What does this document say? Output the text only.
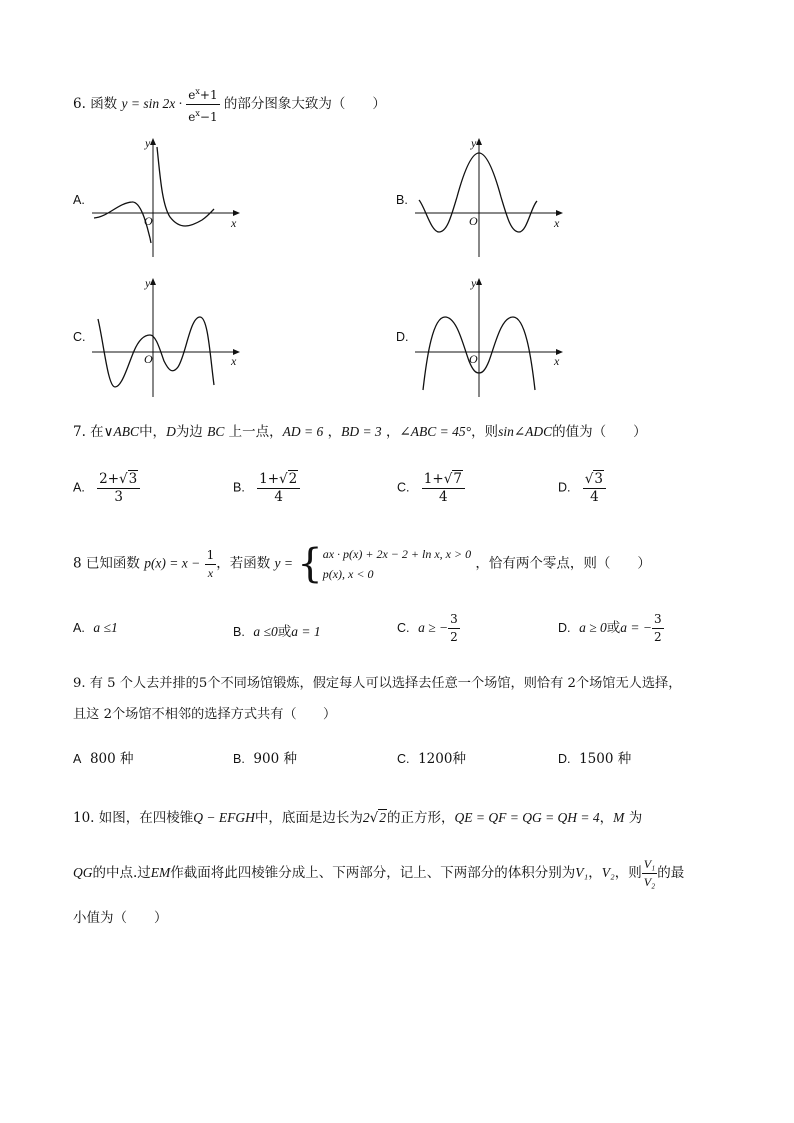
6. 函数 $y = \sin 2x \cdot \frac{e^x+1}{e^x-1}$ 的部分图象大致为（　　）
A.
y
x
O
B.
y
x
O
C.
y
x
O
D.
y
x
O
7. 在∨ABC中，D为边 BC 上一点，AD = 6 ，BD = 3 ，∠ABC = 45°，则sin∠ADC的值为（　　）
A. $\frac{2+√3}{3}$	B. $\frac{1+√2}{4}$	C. $\frac{1+√7}{4}$	D. $\frac{√3}{4}$
8 已知函数 $p(x) = x - \frac{1}{x}$ ，若函数 y = { ax · p(x) + 2x − 2 + ln x, x > 0
p(x), x < 0
，恰有两个零点，则（　　）
A. a ≤1	B. a ≤0或a = 1	C. a ≥ − $\frac{3}{2}$	D. a ≥ 0或a = − $\frac{3}{2}$
9. 有 5 个人去并排的5个不同场馆锻炼，假定每人可以选择去任意一个场馆，则恰有 2个场馆无人选择，
且这 2个场馆不相邻的选择方式共有（　　）
A 800 种	B. 900 种	C. 1200种	D. 1500 种
10. 如图，在四棱锥Q − EFGH中，底面是边长为2√2的正方形，QE = QF = QG = QH = 4，M 为
QG的中点.过EM作截面将此四棱锥分成上、下两部分，记上、下两部分的体积分别为V₁，V₂，则 $\frac{\text{V₁}}{\text{V₂}}$ 的最
小值为（　　）
